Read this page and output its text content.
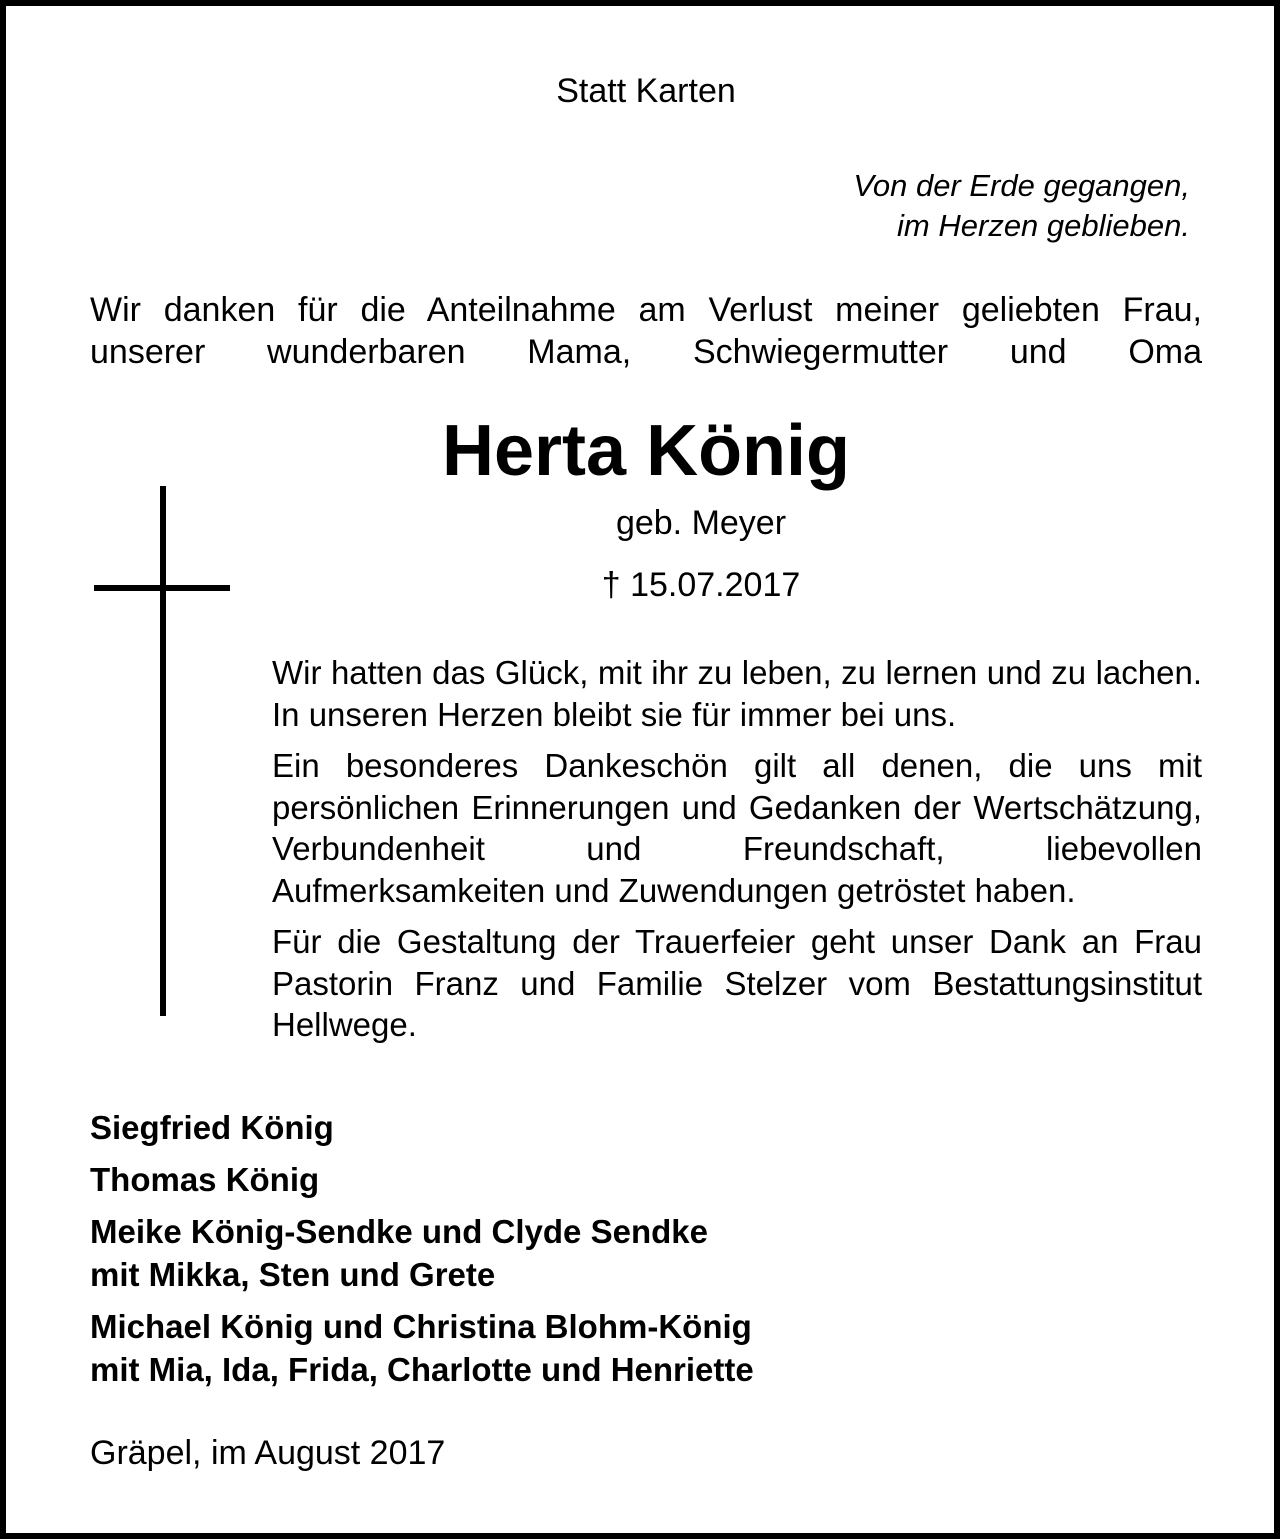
Statt Karten
Von der Erde gegangen,
im Herzen geblieben.
Wir danken für die Anteilnahme am Verlust meiner geliebten Frau,
unserer wunderbaren Mama, Schwiegermutter und Oma
Herta König
geb. Meyer
† 15.07.2017

Wir hatten das Glück, mit ihr zu leben, zu lernen und zu lachen. In unseren Herzen bleibt sie für immer bei uns.

Ein besonderes Dankeschön gilt all denen, die uns mit persönlichen Erinnerungen und Gedanken der Wertschätzung, Verbundenheit und Freundschaft, liebevollen Aufmerksamkeiten und Zuwendungen getröstet haben.

Für die Gestaltung der Trauerfeier geht unser Dank an Frau Pastorin Franz und Familie Stelzer vom Bestattungsinstitut Hellwege.

Siegfried König
Thomas König
Meike König-Sendke und Clyde Sendke
mit Mikka, Sten und Grete
Michael König und Christina Blohm-König
mit Mia, Ida, Frida, Charlotte und Henriette
Gräpel, im August 2017
